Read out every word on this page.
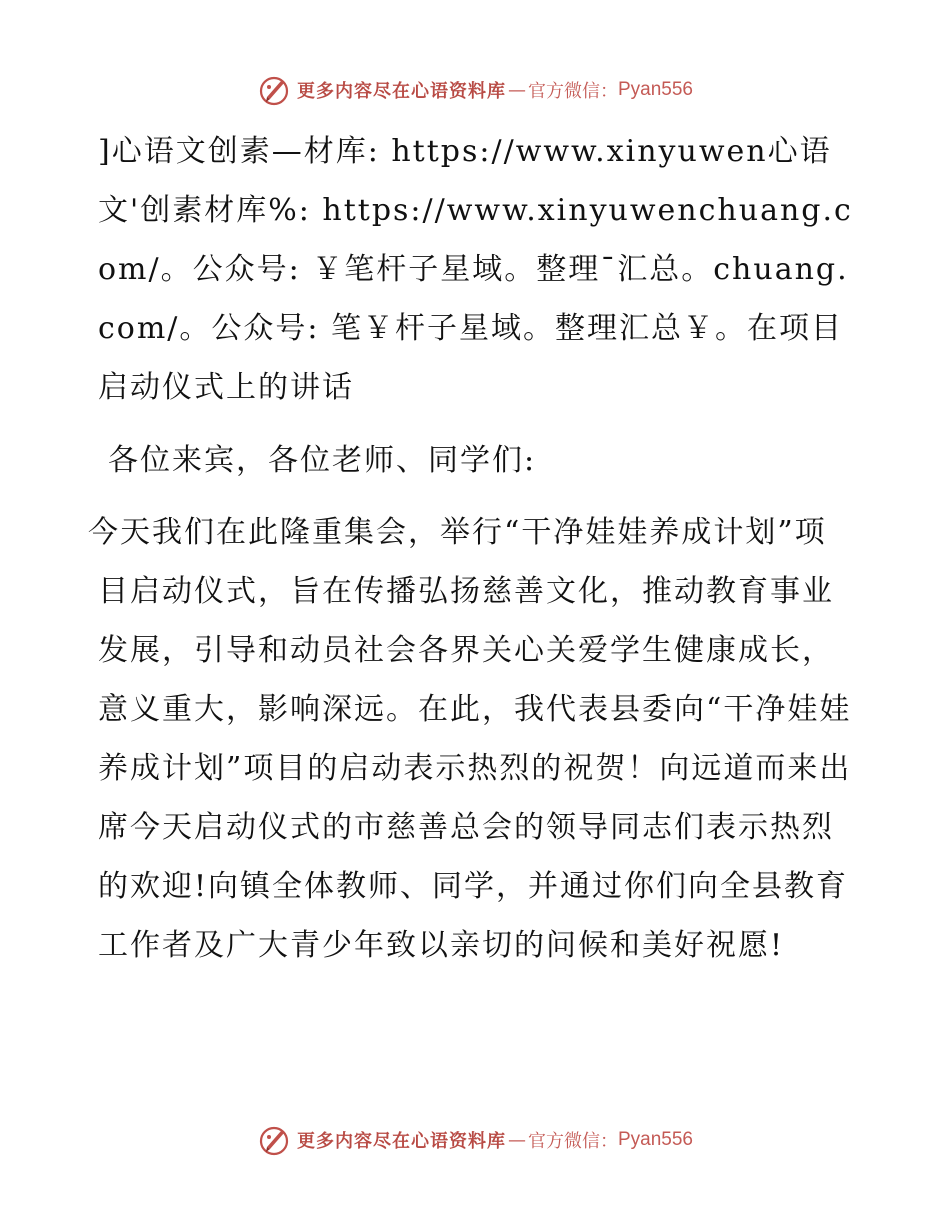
更多内容尽在心语资料库 — 官方微信： Pyan556

]心语文创素—材库: https://www.xinyuwen心语文'创素材库%: https://www.xinyuwenchuang.com/。公众号: ￥笔杆子星域。整理¯汇总。chuang.com/。公众号: 笔￥杆子星域。整理汇总￥。在项目启动仪式上的讲话

各位来宾，各位老师、同学们:

今天我们在此隆重集会，举行“干净娃娃养成计划”项目启动仪式，旨在传播弘扬慈善文化，推动教育事业发展，引导和动员社会各界关心关爱学生健康成长，意义重大，影响深远。在此，我代表县委向“干净娃娃养成计划”项目的启动表示热烈的祝贺！向远道而来出席今天启动仪式的市慈善总会的领导同志们表示热烈的欢迎!向镇全体教师、同学，并通过你们向全县教育工作者及广大青少年致以亲切的问候和美好祝愿!

更多内容尽在心语资料库 — 官方微信： Pyan556
